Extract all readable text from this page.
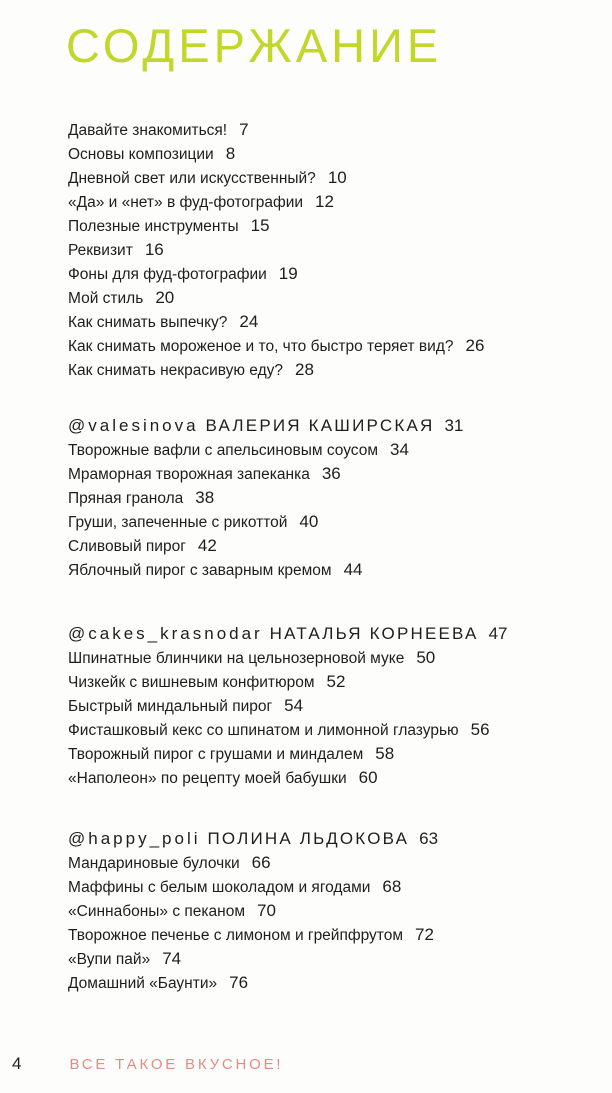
СОДЕРЖАНИЕ
Давайте знакомиться! 7
Основы композиции 8
Дневной свет или искусственный? 10
«Да» и «нет» в фуд-фотографии 12
Полезные инструменты 15
Реквизит 16
Фоны для фуд-фотографии 19
Мой стиль 20
Как снимать выпечку? 24
Как снимать мороженое и то, что быстро теряет вид? 26
Как снимать некрасивую еду? 28
@valesinova ВАЛЕРИЯ КАШИРСКАЯ 31
Творожные вафли с апельсиновым соусом 34
Мраморная творожная запеканка 36
Пряная гранола 38
Груши, запеченные с рикоттой 40
Сливовый пирог 42
Яблочный пирог с заварным кремом 44
@cakes_krasnodar НАТАЛЬЯ КОРНЕЕВА 47
Шпинатные блинчики на цельнозерновой муке 50
Чизкейк с вишневым конфитюром 52
Быстрый миндальный пирог 54
Фисташковый кекс со шпинатом и лимонной глазурью 56
Творожный пирог с грушами и миндалем 58
«Наполеон» по рецепту моей бабушки 60
@happy_poli ПОЛИНА ЛЬДОКОВА 63
Мандариновые булочки 66
Маффины с белым шоколадом и ягодами 68
«Синнабоны» с пеканом 70
Творожное печенье с лимоном и грейпфрутом 72
«Вупи пай» 74
Домашний «Баунти» 76
4	ВСЕ ТАКОЕ ВКУСНОЕ!
